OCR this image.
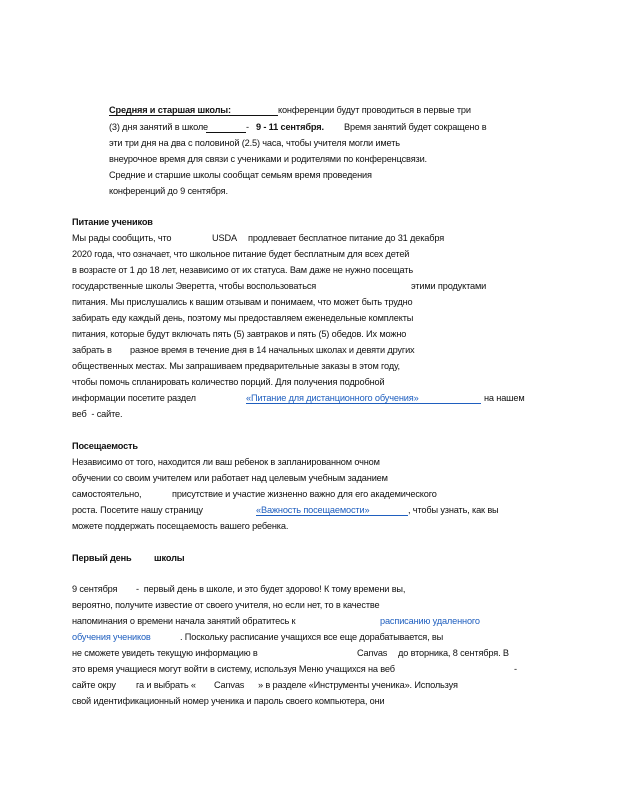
Средняя и старшая школы:	конференции будут проводиться в первые три
(3) дня занятий в школе	- 9 - 11 сентября. Время занятий будет сокращено в
эти три дня на два с половиной (2.5) часа, чтобы учителя могли иметь
внеурочное время для связи с учениками и родителями по конференцсвязи.
Средние и старшие школы сообщат семьям время проведения
конференций до 9 сентября.
Питание учеников
Мы рады сообщить, что	USDA продлевает бесплатное питание до 31 декабря
2020 года, что означает, что школьное питание будет бесплатным для всех детей
в возрасте от 1 до 18 лет, независимо от их статуса. Вам даже не нужно посещать
государственные школы Эверетта, чтобы воспользоваться	этими продуктами
питания. Мы прислушались к вашим отзывам и понимаем, что может быть трудно
забирать еду каждый день, поэтому мы предоставляем еженедельные комплекты
питания, которые будут включать пять (5) завтраков и пять (5) обедов. Их можно
забрать в разное время в течение дня в 14 начальных школах и девяти других
общественных местах. Мы запрашиваем предварительные заказы в этом году,
чтобы помочь спланировать количество порций. Для получения подробной
информации посетите раздел	«Питание для дистанционного обучения»	на нашем
веб  - сайте.
Посещаемость
Независимо от того, находится ли ваш ребенок в запланированном очном
обучении со своим учителем или работает над целевым учебным заданием
самостоятельно,	присутствие и участие жизненно важно для его академического
роста. Посетите нашу страницу	«Важность посещаемости»	, чтобы узнать, как вы
можете поддержать посещаемость вашего ребенка.
Первый день школы
9 сентября -  первый день в школе, и это будет здорово! К тому времени вы,
вероятно, получите известие от своего учителя, но если нет, то в качестве
напоминания о времени начала занятий обратитесь к	расписанию удаленного
обучения учеников	. Поскольку расписание учащихся все еще дорабатывается, вы
не сможете увидеть текущую информацию в	Canvas до вторника, 8 сентября. В
это время учащиеся могут войти в систему, используя Меню учащихся на веб	-
сайте окру га и выбрать « Canvas » в разделе «Инструменты ученика». Используя
свой идентификационный номер ученика и пароль своего компьютера, они
